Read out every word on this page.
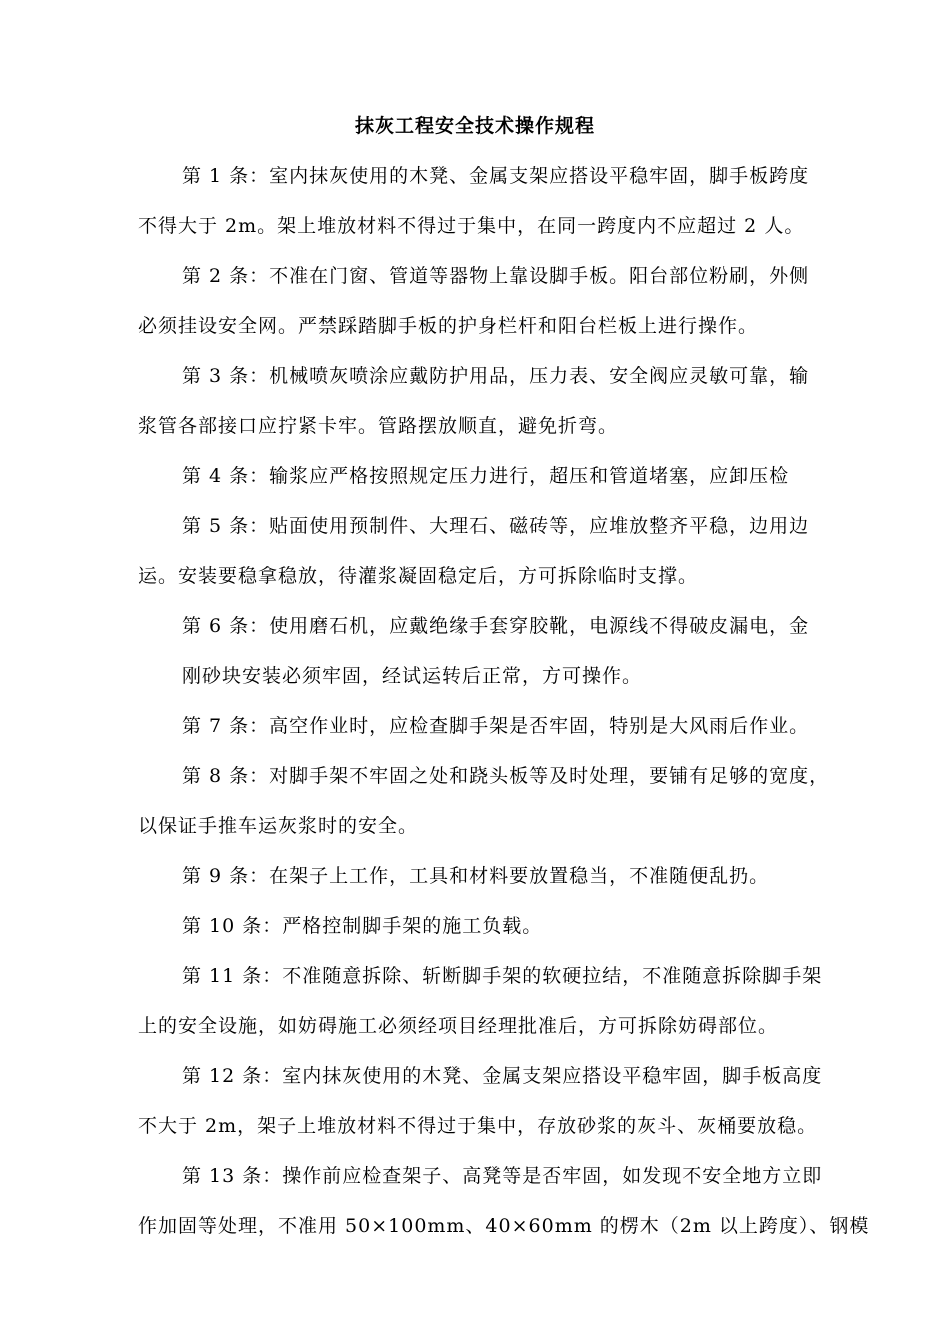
抹灰工程安全技术操作规程
第 1 条：室内抹灰使用的木凳、金属支架应搭设平稳牢固，脚手板跨度
不得大于 2m。架上堆放材料不得过于集中，在同一跨度内不应超过 2 人。
第 2 条：不准在门窗、管道等器物上靠设脚手板。阳台部位粉刷，外侧
必须挂设安全网。严禁踩踏脚手板的护身栏杆和阳台栏板上进行操作。
第 3 条：机械喷灰喷涂应戴防护用品，压力表、安全阀应灵敏可靠，输
浆管各部接口应拧紧卡牢。管路摆放顺直，避免折弯。
第 4 条：输浆应严格按照规定压力进行，超压和管道堵塞，应卸压检
第 5 条：贴面使用预制件、大理石、磁砖等，应堆放整齐平稳，边用边
运。安装要稳拿稳放，待灌浆凝固稳定后，方可拆除临时支撑。
第 6 条：使用磨石机，应戴绝缘手套穿胶靴，电源线不得破皮漏电，金
刚砂块安装必须牢固，经试运转后正常，方可操作。
第 7 条：高空作业时，应检查脚手架是否牢固，特别是大风雨后作业。
第 8 条：对脚手架不牢固之处和跷头板等及时处理，要铺有足够的宽度，
以保证手推车运灰浆时的安全。
第 9 条：在架子上工作，工具和材料要放置稳当，不准随便乱扔。
第 10 条：严格控制脚手架的施工负载。
第 11 条：不准随意拆除、斩断脚手架的软硬拉结，不准随意拆除脚手架
上的安全设施，如妨碍施工必须经项目经理批准后，方可拆除妨碍部位。
第 12 条：室内抹灰使用的木凳、金属支架应搭设平稳牢固，脚手板高度
不大于 2m，架子上堆放材料不得过于集中，存放砂浆的灰斗、灰桶要放稳。
第 13 条：操作前应检查架子、高凳等是否牢固，如发现不安全地方立即
作加固等处理，不准用 50×100mm、40×60mm 的楞木（2m 以上跨度）、钢模
